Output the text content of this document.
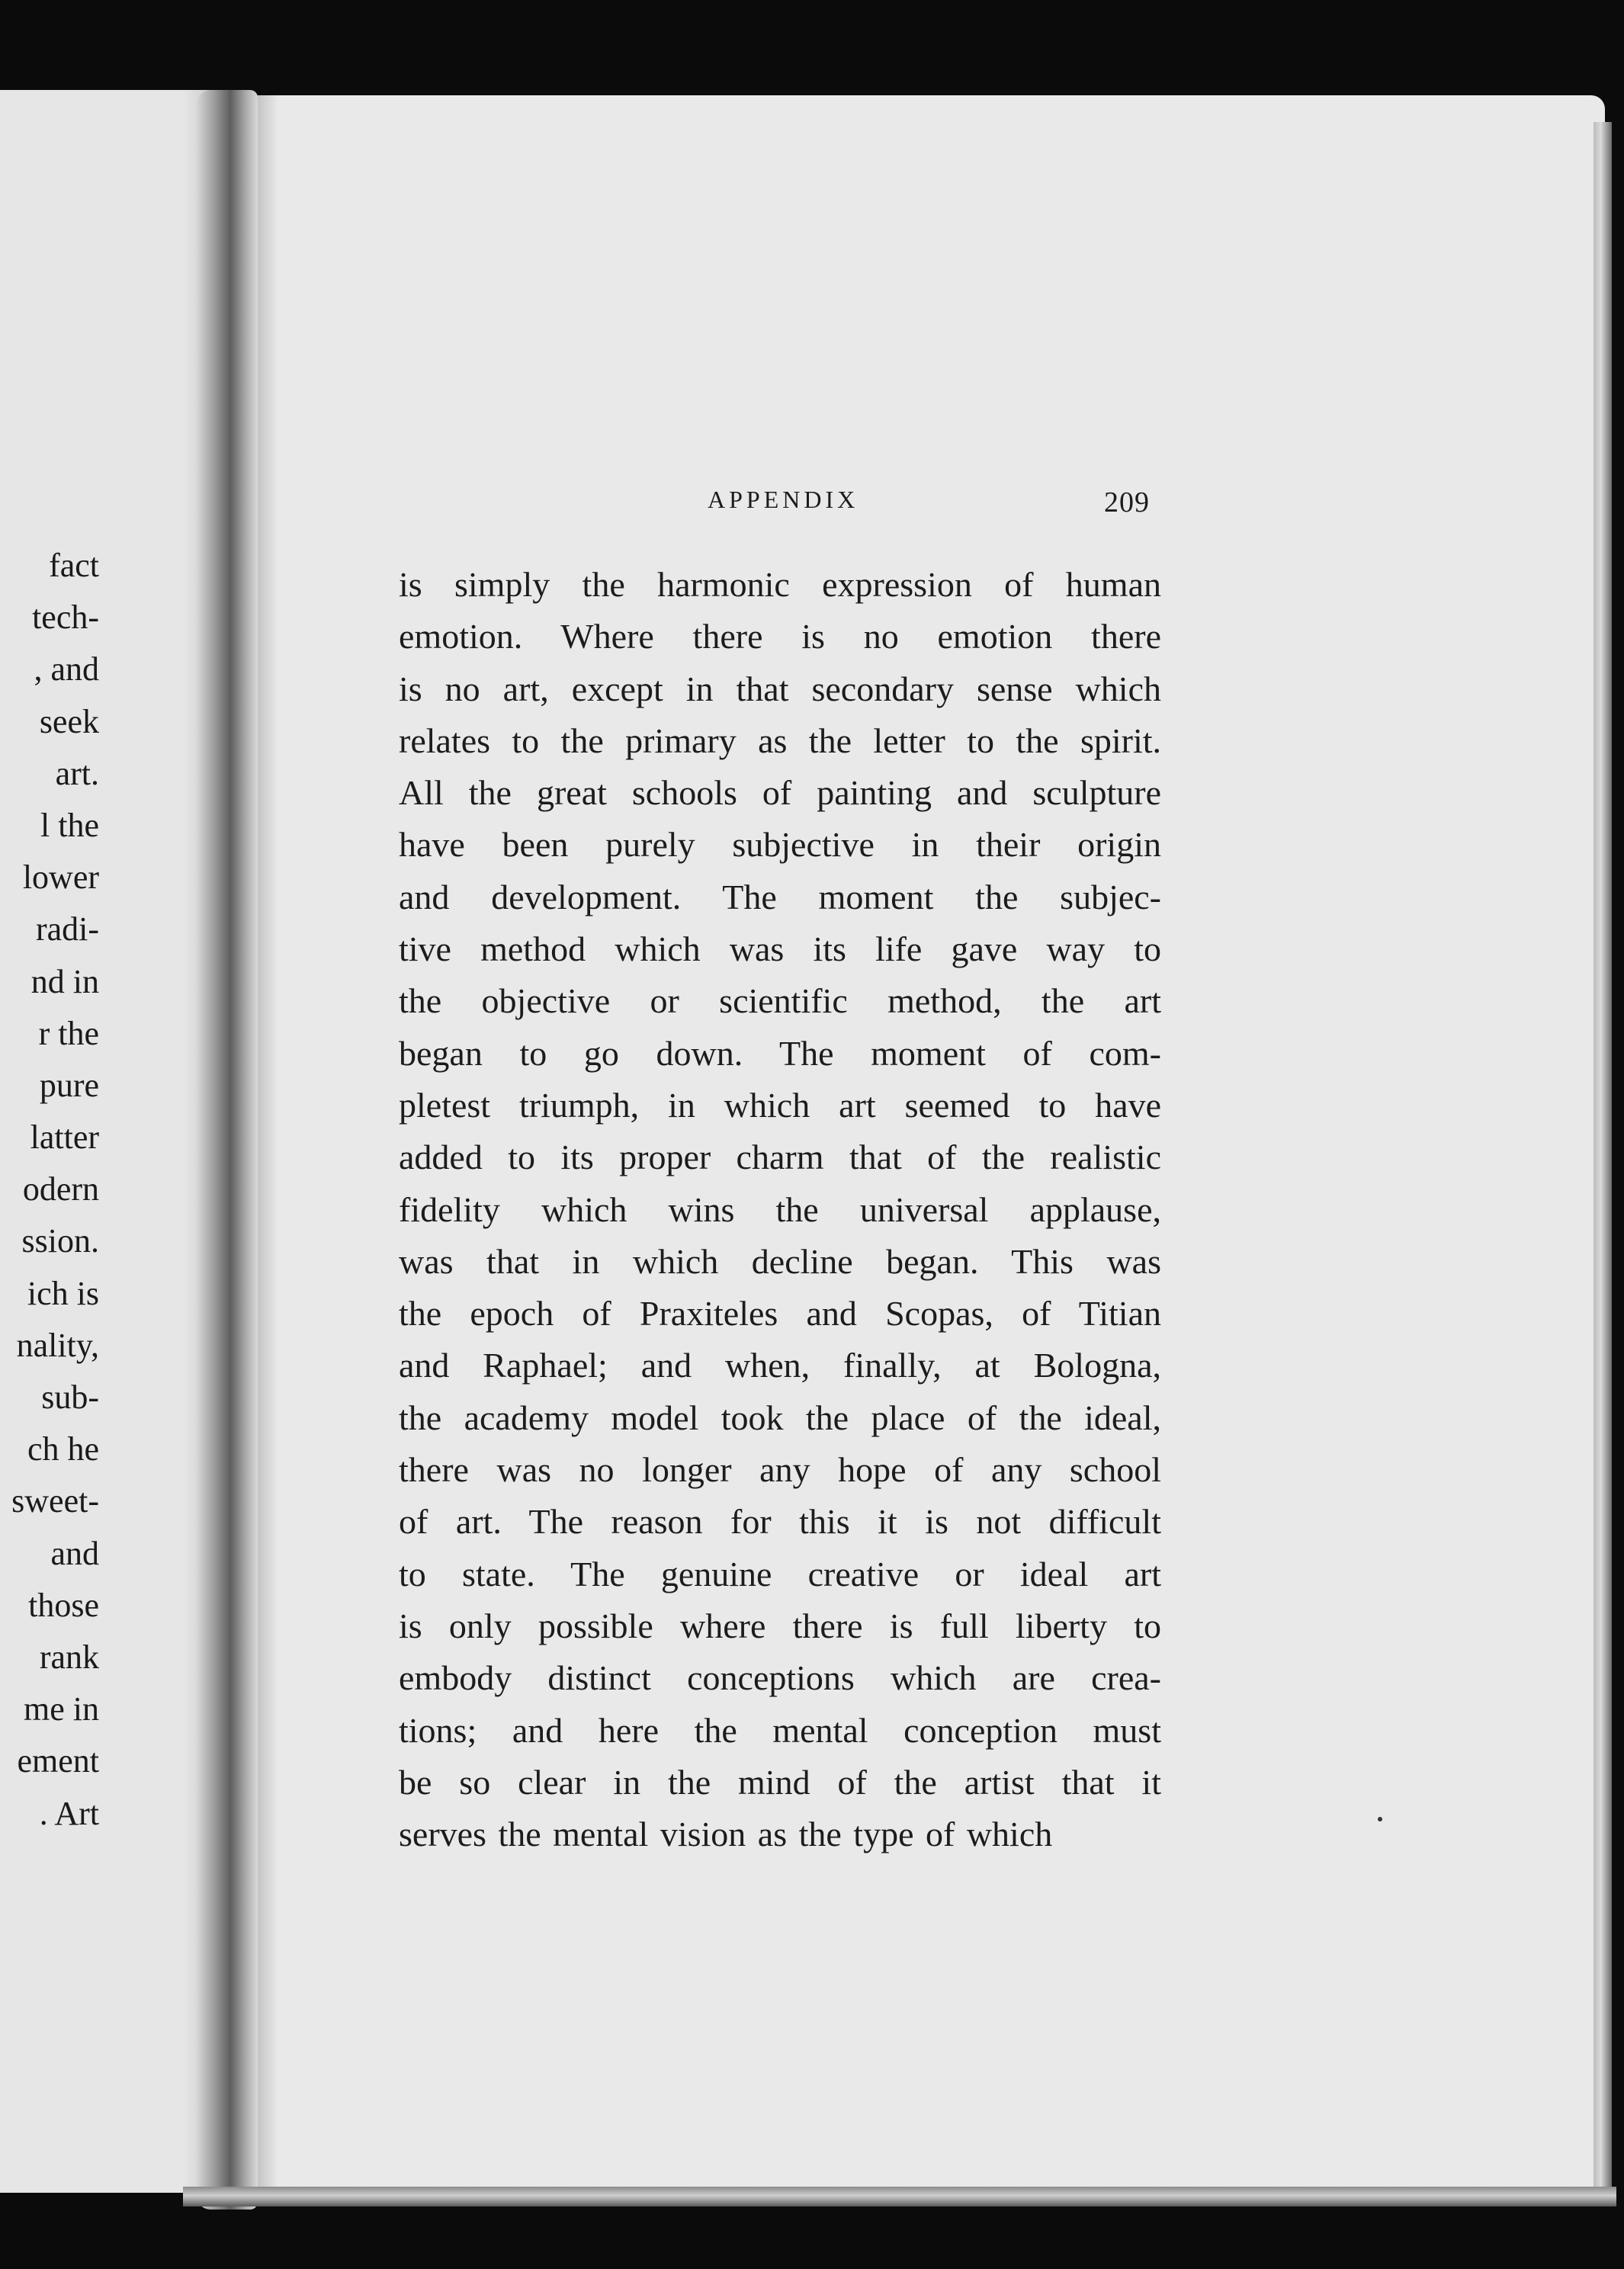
fact
tech-
, and
seek
art.
l the
lower
radi-
nd in
r the
pure
latter
odern
ssion.
ich is
nality,
sub-
ch he
sweet-
and
those
rank
me in
ement
. Art
APPENDIX	209
is simply the harmonic expression of human
emotion. Where there is no emotion there
is no art, except in that secondary sense which
relates to the primary as the letter to the spirit.
All the great schools of painting and sculpture
have been purely subjective in their origin
and development. The moment the subjec-
tive method which was its life gave way to
the objective or scientific method, the art
began to go down. The moment of com-
pletest triumph, in which art seemed to have
added to its proper charm that of the realistic
fidelity which wins the universal applause,
was that in which decline began. This was
the epoch of Praxiteles and Scopas, of Titian
and Raphael; and when, finally, at Bologna,
the academy model took the place of the ideal,
there was no longer any hope of any school
of art. The reason for this it is not difficult
to state. The genuine creative or ideal art
is only possible where there is full liberty to
embody distinct conceptions which are crea-
tions; and here the mental conception must
be so clear in the mind of the artist that it
serves the mental vision as the type of which
